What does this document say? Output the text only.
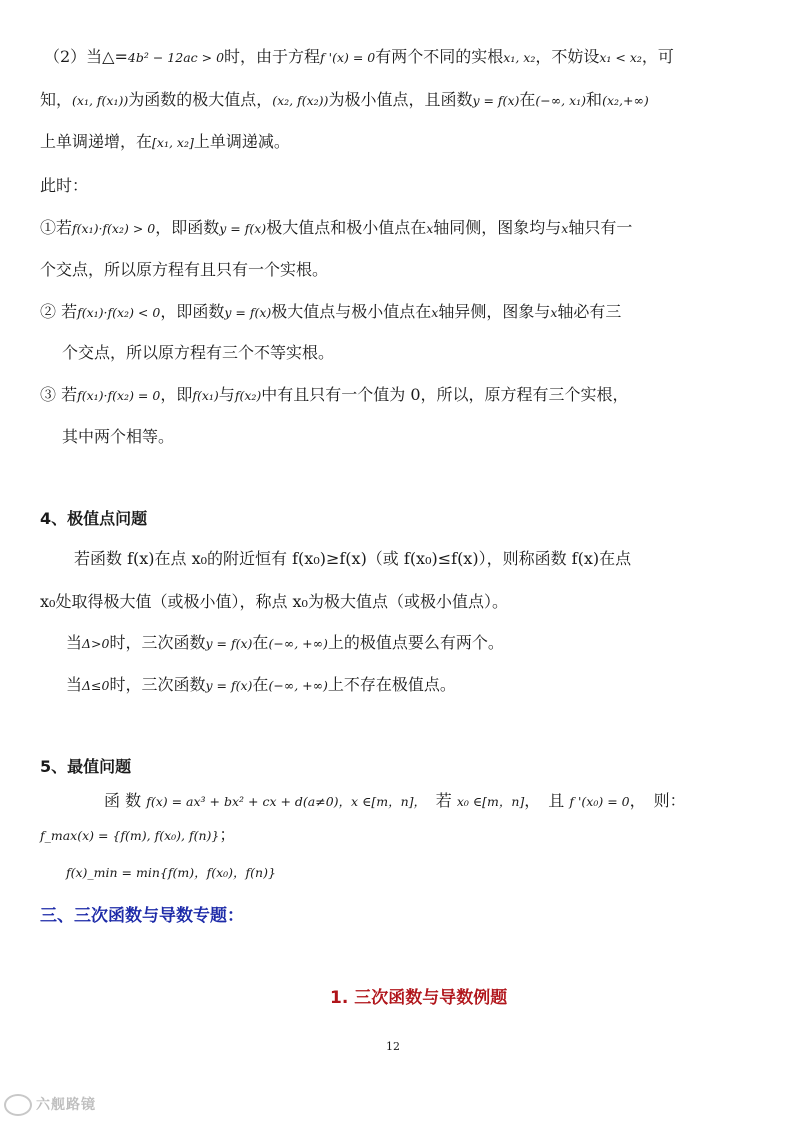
（2）当△=4b² − 12ac > 0时，由于方程f '(x) = 0有两个不同的实根x₁, x₂，不妨设x₁ < x₂，可
知，(x₁, f(x₁))为函数的极大值点，(x₂, f(x₂))为极小值点，且函数y = f(x)在(−∞, x₁)和(x₂,+∞)
上单调递增，在[x₁, x₂]上单调递减。
此时：
①若f(x₁)·f(x₂) > 0，即函数y = f(x)极大值点和极小值点在x轴同侧，图象均与x轴只有一
个交点，所以原方程有且只有一个实根。
② 若f(x₁)·f(x₂) < 0，即函数y = f(x)极大值点与极小值点在x轴异侧，图象与x轴必有三
个交点，所以原方程有三个不等实根。
③ 若f(x₁)·f(x₂) = 0，即f(x₁)与f(x₂)中有且只有一个值为 0，所以，原方程有三个实根，
其中两个相等。
4、极值点问题
若函数 f(x)在点 x₀的附近恒有 f(x₀)≥f(x)（或 f(x₀)≤f(x)），则称函数 f(x)在点
x₀处取得极大值（或极小值），称点 x₀为极大值点（或极小值点）。
当Δ>0时，三次函数y = f(x)在(−∞, +∞)上的极值点要么有两个。
当Δ≤0时，三次函数y = f(x)在(−∞, +∞)上不存在极值点。
5、最值问题
函 数 f(x) = ax³ + bx² + cx + d(a≠0)，x ∈[m，n]，　若 x₀ ∈[m，n]，　且 f '(x₀) = 0，　则：
f_max(x) = {f(m), f(x₀), f(n)}；
f(x)_min = min{f(m)，f(x₀)，f(n)}
三、三次函数与导数专题：
1. 三次函数与导数例题
12
六舰路镜
